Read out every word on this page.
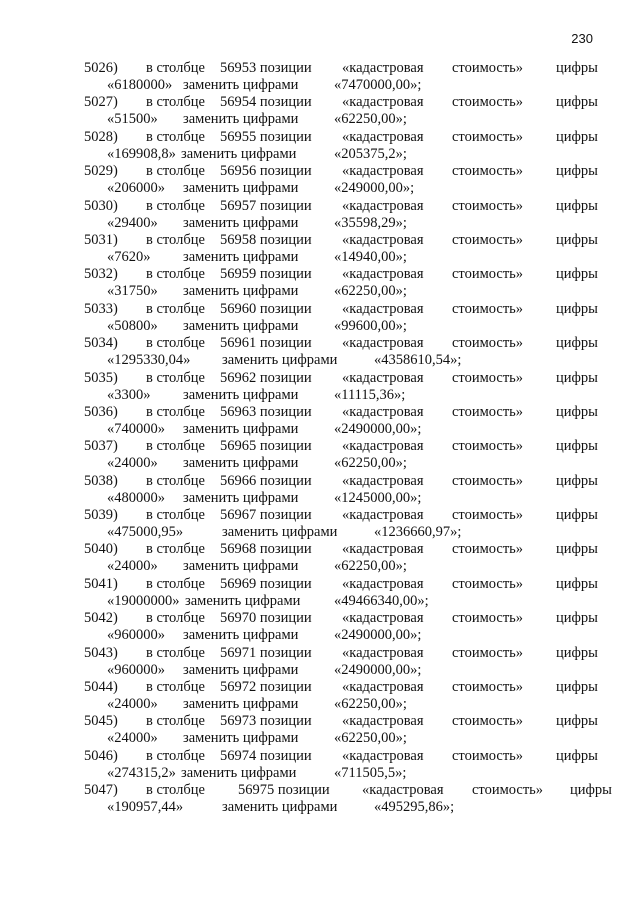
230
5026) в столбце 56953 позиции «кадастровая стоимость» цифры
«6180000» заменить цифрами «7470000,00»;
5027) в столбце 56954 позиции «кадастровая стоимость» цифры
«51500» заменить цифрами «62250,00»;
5028) в столбце 56955 позиции «кадастровая стоимость» цифры
«169908,8» заменить цифрами	«205375,2»;
5029) в столбце 56956 позиции «кадастровая стоимость» цифры
«206000» заменить цифрами «249000,00»;
5030) в столбце 56957 позиции «кадастровая стоимость» цифры
«29400» заменить цифрами «35598,29»;
5031) в столбце 56958 позиции «кадастровая стоимость» цифры
«7620» заменить цифрами «14940,00»;
5032) в столбце 56959 позиции «кадастровая стоимость» цифры
«31750» заменить цифрами «62250,00»;
5033) в столбце 56960 позиции «кадастровая стоимость» цифры
«50800» заменить цифрами «99600,00»;
5034) в столбце 56961 позиции «кадастровая стоимость» цифры
«1295330,04» заменить цифрами	«4358610,54»;
5035) в столбце 56962 позиции «кадастровая стоимость» цифры
«3300» заменить цифрами «11115,36»;
5036) в столбце 56963 позиции «кадастровая стоимость» цифры
«740000» заменить цифрами «2490000,00»;
5037) в столбце 56965 позиции «кадастровая стоимость» цифры
«24000» заменить цифрами «62250,00»;
5038) в столбце 56966 позиции «кадастровая стоимость» цифры
«480000» заменить цифрами «1245000,00»;
5039) в столбце 56967 позиции «кадастровая стоимость» цифры
«475000,95»	заменить цифрами	«1236660,97»;
5040) в столбце 56968 позиции «кадастровая стоимость» цифры
«24000» заменить цифрами «62250,00»;
5041) в столбце 56969 позиции «кадастровая стоимость» цифры
«19000000» заменить цифрами «49466340,00»;
5042) в столбце 56970 позиции «кадастровая стоимость» цифры
«960000» заменить цифрами «2490000,00»;
5043) в столбце 56971 позиции «кадастровая стоимость» цифры
«960000» заменить цифрами «2490000,00»;
5044) в столбце 56972 позиции «кадастровая стоимость» цифры
«24000» заменить цифрами «62250,00»;
5045) в столбце 56973 позиции «кадастровая стоимость» цифры
«24000» заменить цифрами «62250,00»;
5046) в столбце 56974 позиции «кадастровая стоимость» цифры
«274315,2» заменить цифрами	«711505,5»;
5047) в столбце 56975 позиции «кадастровая стоимость» цифры
«190957,44»	заменить цифрами	«495295,86»;
